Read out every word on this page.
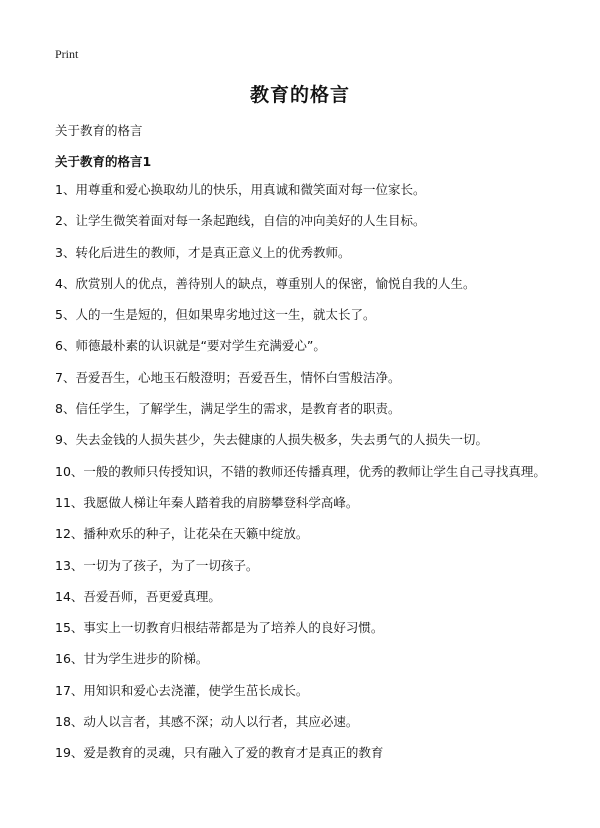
Print
教育的格言

关于教育的格言

关于教育的格言1

1、用尊重和爱心换取幼儿的快乐，用真诚和微笑面对每一位家长。
2、让学生微笑着面对每一条起跑线，自信的冲向美好的人生目标。
3、转化后进生的教师，才是真正意义上的优秀教师。
4、欣赏别人的优点，善待别人的缺点，尊重别人的保密，愉悦自我的人生。
5、人的一生是短的，但如果卑劣地过这一生，就太长了。
6、师德最朴素的认识就是“要对学生充满爱心”。
7、吾爱吾生，心地玉石般澄明；吾爱吾生，情怀白雪般洁净。
8、信任学生，了解学生，满足学生的需求，是教育者的职责。
9、失去金钱的人损失甚少，失去健康的人损失极多，失去勇气的人损失一切。
10、一般的教师只传授知识，不错的教师还传播真理，优秀的教师让学生自己寻找真理。
11、我愿做人梯让年秦人踏着我的肩膀攀登科学高峰。
12、播种欢乐的种子，让花朵在天籁中绽放。
13、一切为了孩子，为了一切孩子。
14、吾爱吾师，吾更爱真理。
15、事实上一切教育归根结蒂都是为了培养人的良好习惯。
16、甘为学生进步的阶梯。
17、用知识和爱心去浇灌，使学生茁长成长。
18、动人以言者，其感不深；动人以行者，其应必速。
19、爱是教育的灵魂，只有融入了爱的教育才是真正的教育
